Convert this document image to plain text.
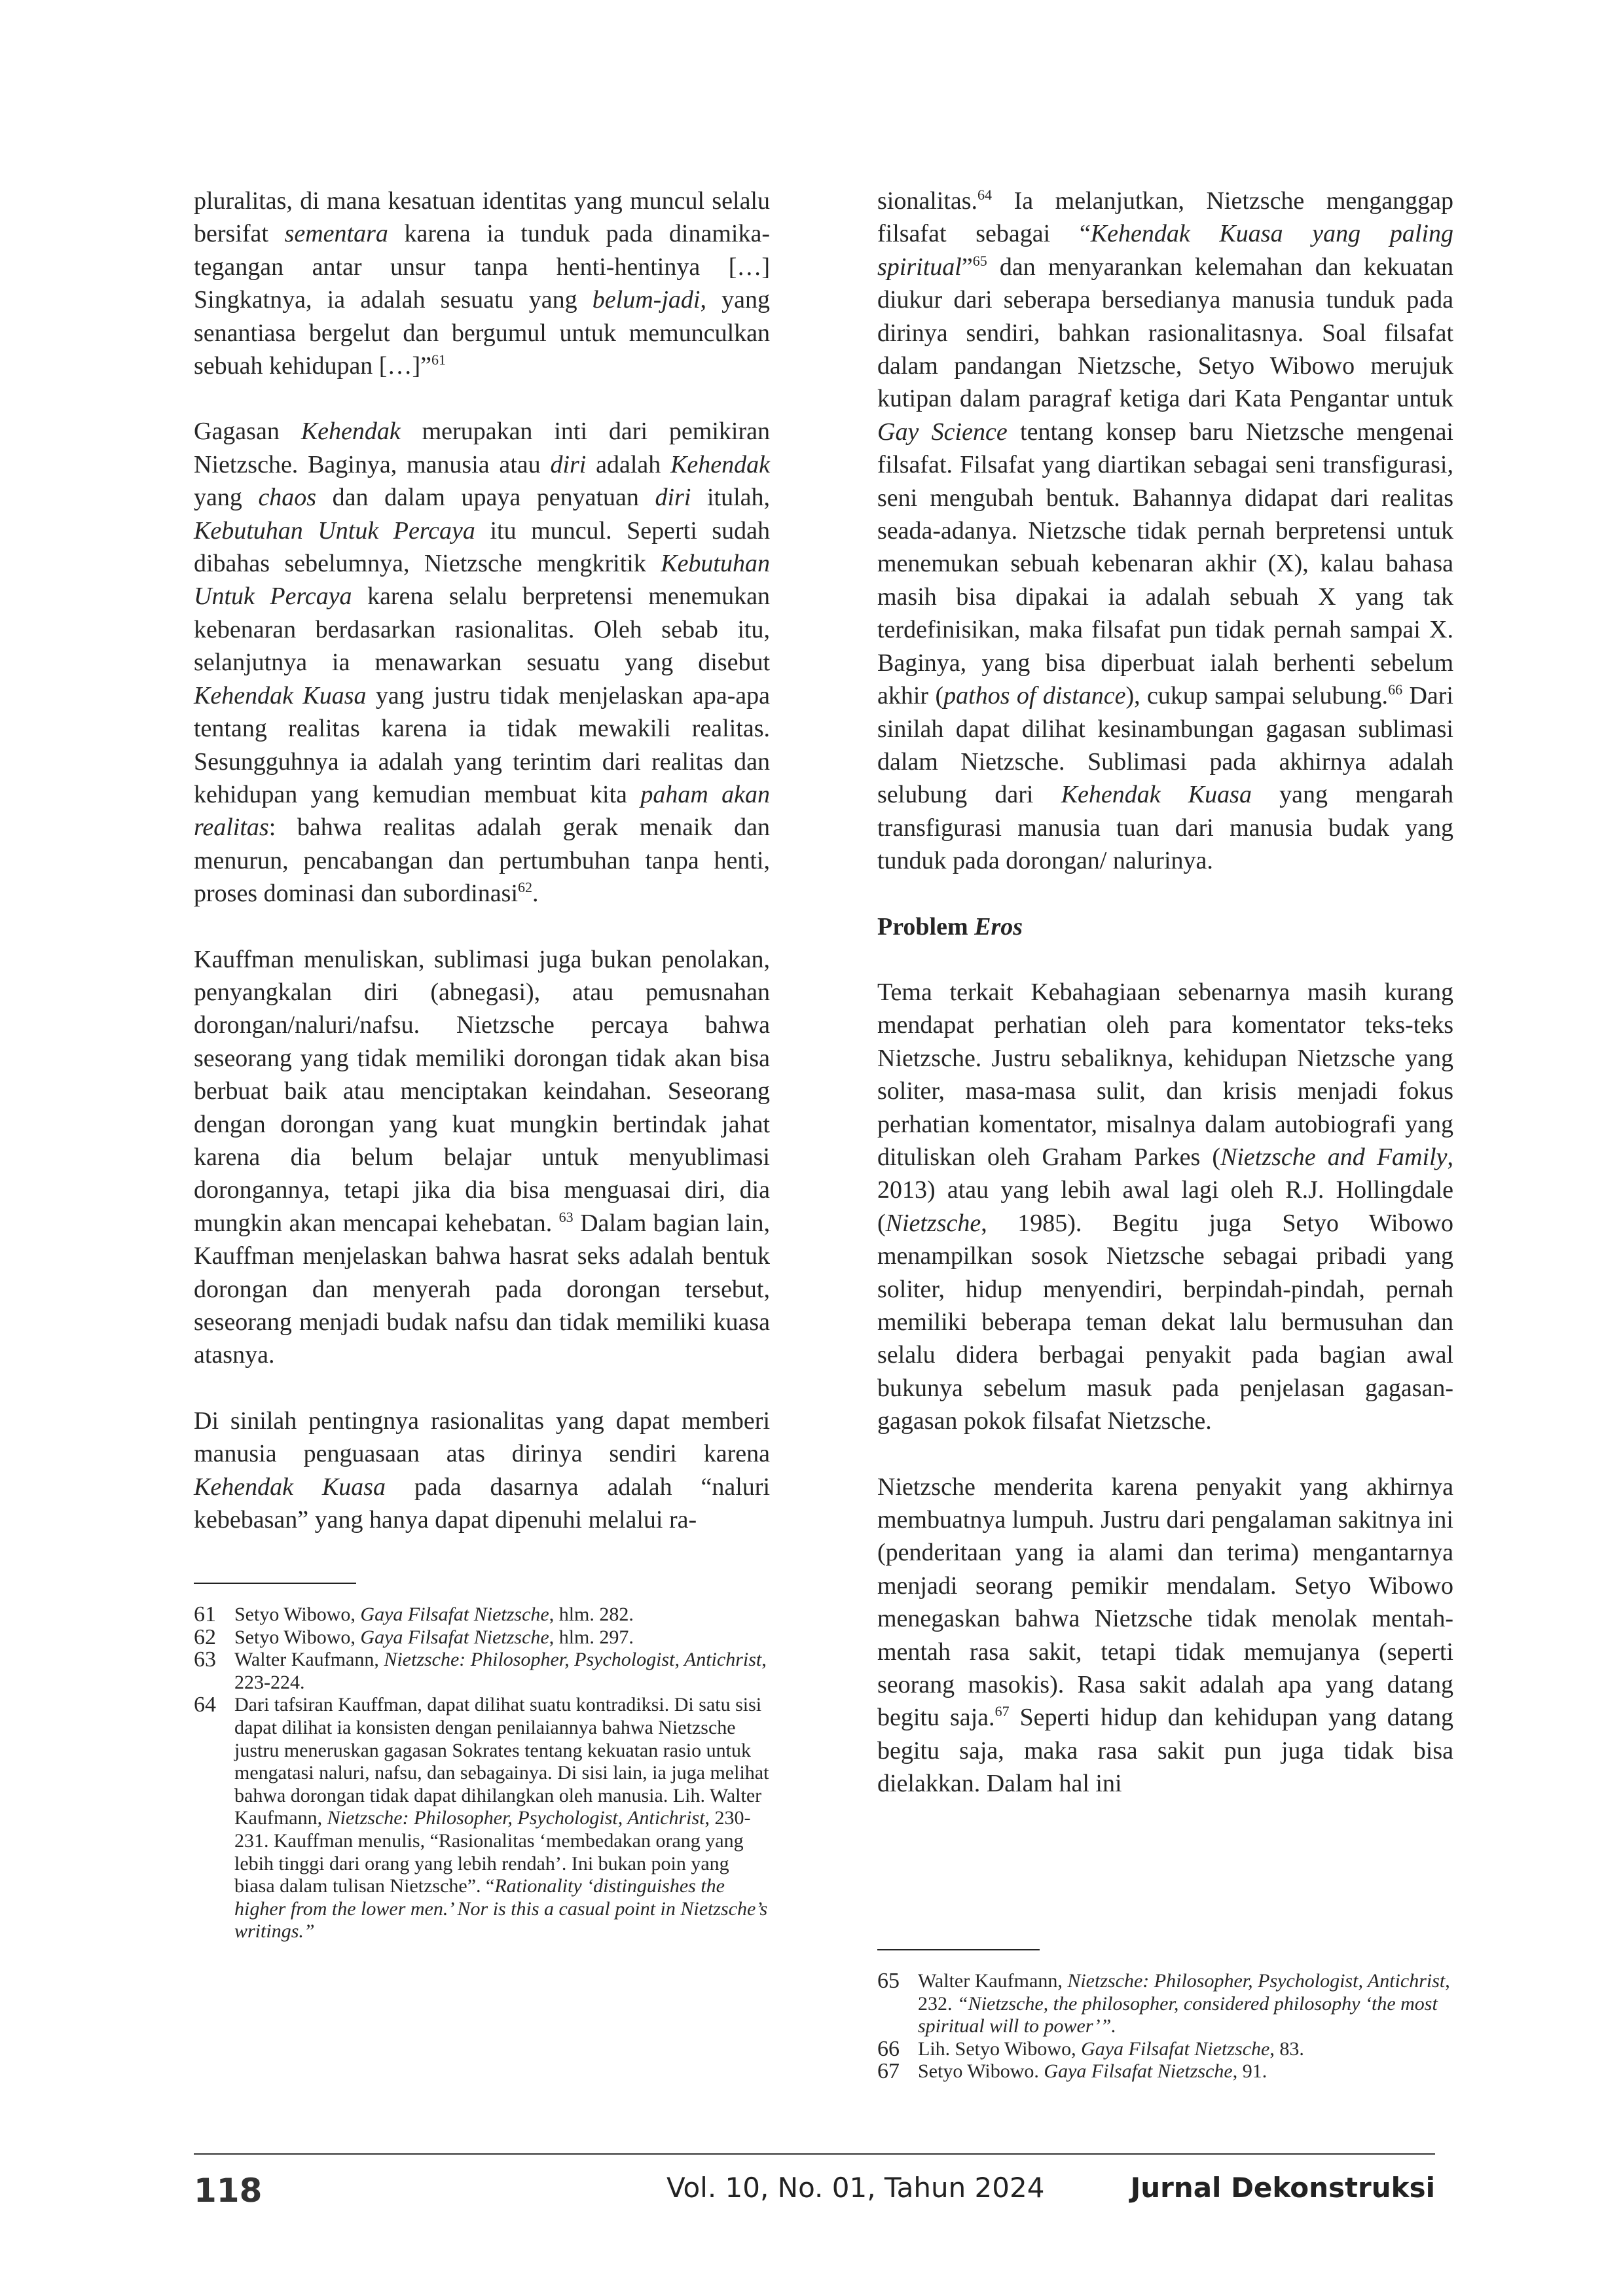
pluralitas, di mana kesatuan identitas yang muncul selalu bersifat sementara karena ia tunduk pada dinamika-tegangan antar unsur tanpa henti-hentinya […] Singkatnya, ia adalah sesuatu yang belum-jadi, yang senantiasa bergelut dan bergumul untuk memunculkan sebuah kehidupan […]”$^{61}$

Gagasan Kehendak merupakan inti dari pemikiran Nietzsche. Baginya, manusia atau diri adalah Kehendak yang chaos dan dalam upaya penyatuan diri itulah, Kebutuhan Untuk Percaya itu muncul. Seperti sudah dibahas sebelumnya, Nietzsche mengkritik Kebutuhan Untuk Percaya karena selalu berpretensi menemukan kebenaran berdasarkan rasionalitas. Oleh sebab itu, selanjutnya ia menawarkan sesuatu yang disebut Kehendak Kuasa yang justru tidak menjelaskan apa-apa tentang realitas karena ia tidak mewakili realitas. Sesungguhnya ia adalah yang terintim dari realitas dan kehidupan yang kemudian membuat kita paham akan realitas: bahwa realitas adalah gerak menaik dan menurun, pencabangan dan pertumbuhan tanpa henti, proses dominasi dan subordinasi$^{62}$.

Kauffman menuliskan, sublimasi juga bukan penolakan, penyangkalan diri (abnegasi), atau pemusnahan dorongan/naluri/nafsu. Nietzsche percaya bahwa seseorang yang tidak memiliki dorongan tidak akan bisa berbuat baik atau menciptakan keindahan. Seseorang dengan dorongan yang kuat mungkin bertindak jahat karena dia belum belajar untuk menyublimasi dorongannya, tetapi jika dia bisa menguasai diri, dia mungkin akan mencapai kehebatan. $^{63}$ Dalam bagian lain, Kauffman menjelaskan bahwa hasrat seks adalah bentuk dorongan dan menyerah pada dorongan tersebut, seseorang menjadi budak nafsu dan tidak memiliki kuasa atasnya.

Di sinilah pentingnya rasionalitas yang dapat memberi manusia penguasaan atas dirinya sendiri karena Kehendak Kuasa pada dasarnya adalah “naluri kebebasan” yang hanya dapat dipenuhi melalui ra-

61 Setyo Wibowo, Gaya Filsafat Nietzsche, hlm. 282.

62 Setyo Wibowo, Gaya Filsafat Nietzsche, hlm. 297.

63 Walter Kaufmann, Nietzsche: Philosopher, Psychologist, Antichrist, 223-224.

64 Dari tafsiran Kauffman, dapat dilihat suatu kontradiksi. Di satu sisi dapat dilihat ia konsisten dengan penilaiannya bahwa Nietzsche justru meneruskan gagasan Sokrates tentang kekuatan rasio untuk mengatasi naluri, nafsu, dan sebagainya. Di sisi lain, ia juga melihat bahwa dorongan tidak dapat dihilangkan oleh manusia. Lih. Walter Kaufmann, Nietzsche: Philosopher, Psychologist, Antichrist, 230-231. Kauffman menulis, “Rasionalitas ‘membedakan orang yang lebih tinggi dari orang yang lebih rendah’. Ini bukan poin yang biasa dalam tulisan Nietzsche”. “Rationality ‘distinguishes the higher from the lower men.’ Nor is this a casual point in Nietzsche’s writings.”

sionalitas.$^{64}$ Ia melanjutkan, Nietzsche menganggap filsafat sebagai “Kehendak Kuasa yang paling spiritual”$^{65}$ dan menyarankan kelemahan dan kekuatan diukur dari seberapa bersedianya manusia tunduk pada dirinya sendiri, bahkan rasionalitasnya. Soal filsafat dalam pandangan Nietzsche, Setyo Wibowo merujuk kutipan dalam paragraf ketiga dari Kata Pengantar untuk Gay Science tentang konsep baru Nietzsche mengenai filsafat. Filsafat yang diartikan sebagai seni transfigurasi, seni mengubah bentuk. Bahannya didapat dari realitas seada-adanya. Nietzsche tidak pernah berpretensi untuk menemukan sebuah kebenaran akhir (X), kalau bahasa masih bisa dipakai ia adalah sebuah X yang tak terdefinisikan, maka filsafat pun tidak pernah sampai X. Baginya, yang bisa diperbuat ialah berhenti sebelum akhir (pathos of distance), cukup sampai selubung.$^{66}$ Dari sinilah dapat dilihat kesinambungan gagasan sublimasi dalam Nietzsche. Sublimasi pada akhirnya adalah selubung dari Kehendak Kuasa yang mengarah transfigurasi manusia tuan dari manusia budak yang tunduk pada dorongan/ nalurinya.

Problem Eros

Tema terkait Kebahagiaan sebenarnya masih kurang mendapat perhatian oleh para komentator teks-teks Nietzsche. Justru sebaliknya, kehidupan Nietzsche yang soliter, masa-masa sulit, dan krisis menjadi fokus perhatian komentator, misalnya dalam autobiografi yang dituliskan oleh Graham Parkes (Nietzsche and Family, 2013) atau yang lebih awal lagi oleh R.J. Hollingdale (Nietzsche, 1985). Begitu juga Setyo Wibowo menampilkan sosok Nietzsche sebagai pribadi yang soliter, hidup menyendiri, berpindah-pindah, pernah memiliki beberapa teman dekat lalu bermusuhan dan selalu didera berbagai penyakit pada bagian awal bukunya sebelum masuk pada penjelasan gagasan-gagasan pokok filsafat Nietzsche.

Nietzsche menderita karena penyakit yang akhirnya membuatnya lumpuh. Justru dari pengalaman sakitnya ini (penderitaan yang ia alami dan terima) mengantarnya menjadi seorang pemikir mendalam. Setyo Wibowo menegaskan bahwa Nietzsche tidak menolak mentah-mentah rasa sakit, tetapi tidak memujanya (seperti seorang masokis). Rasa sakit adalah apa yang datang begitu saja.$^{67}$ Seperti hidup dan kehidupan yang datang begitu saja, maka rasa sakit pun juga tidak bisa dielakkan. Dalam hal ini

65 Walter Kaufmann, Nietzsche: Philosopher, Psychologist, Antichrist, 232. “Nietzsche, the philosopher, considered philosophy ‘the most spiritual will to power’”.

66 Lih. Setyo Wibowo, Gaya Filsafat Nietzsche, 83.

67 Setyo Wibowo. Gaya Filsafat Nietzsche, 91.

118	Vol. 10, No. 01, Tahun 2024	Jurnal Dekonstruksi
